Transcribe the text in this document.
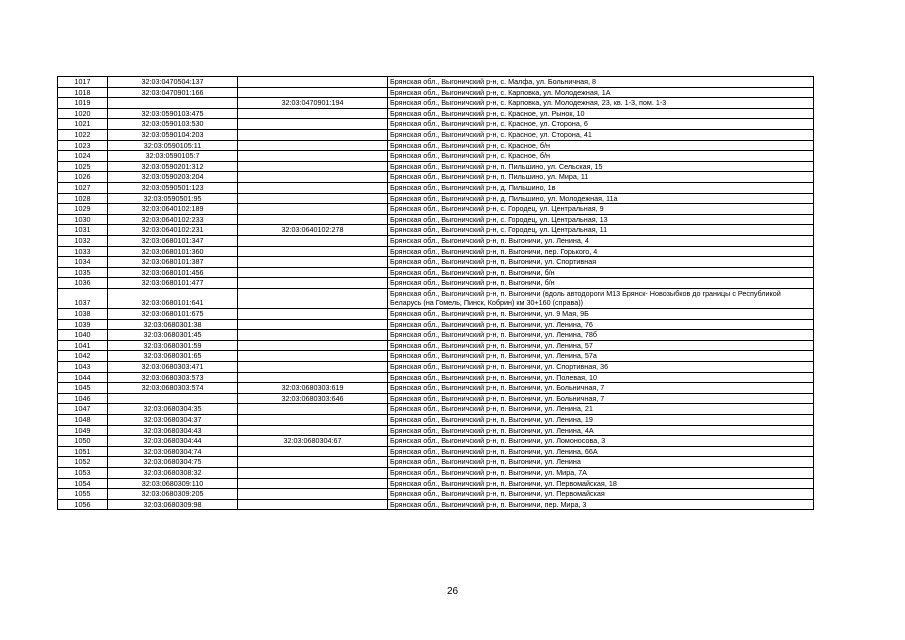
1017	32:03:0470504:137		Брянская обл., Выгоничский р-н, с. Малфа, ул. Больничная, 8
1018	32:03:0470901:166		Брянская обл., Выгоничский р-н, с. Карповка, ул. Молодежная, 1А
1019		32:03:0470901:194	Брянская обл., Выгоничский р-н, с. Карповка, ул. Молодежная, 23, кв. 1-3, пом. 1-3
1020	32:03:0590103:475		Брянская обл., Выгоничский р-н, с. Красное, ул. Рынок, 10
1021	32:03:0590103:530		Брянская обл., Выгоничский р-н, с. Красное, ул. Сторона, 6
1022	32:03:0590104:203		Брянская обл., Выгоничский р-н, с. Красное, ул. Сторона, 41
1023	32:03:0590105:11		Брянская обл., Выгоничский р-н, с. Красное, б/н
1024	32:03:0590105:7		Брянская обл., Выгоничский р-н, с. Красное, б/н
1025	32:03:0590201:312		Брянская обл., Выгоничский р-н, п. Пильшино, ул. Сельская, 15
1026	32:03:0590203:204		Брянская обл., Выгоничский р-н, п. Пильшино, ул. Мира, 11
1027	32:03:0590501:123		Брянская обл., Выгоничский р-н, д. Пильшино, 1в
1028	32:03:0590501:95		Брянская обл., Выгоничский р-н, д. Пильшино, ул. Молодежная, 11а
1029	32:03:0640102:189		Брянская обл., Выгоничский р-н, с. Городец, ул. Центральная, 9
1030	32:03:0640102:233		Брянская обл., Выгоничский р-н, с. Городец, ул. Центральная, 13
1031	32:03:0640102:231	32:03:0640102:278	Брянская обл., Выгоничский р-н, с. Городец, ул. Центральная, 11
1032	32:03:0680101:347		Брянская обл., Выгоничский р-н, п. Выгоничи, ул. Ленина, 4
1033	32:03:0680101:360		Брянская обл., Выгоничский р-н, п. Выгоничи, пер. Горького, 4
1034	32:03:0680101:387		Брянская обл., Выгоничский р-н, п. Выгоничи, ул. Спортивная
1035	32:03:0680101:456		Брянская обл., Выгоничский р-н, п. Выгоничи, б/н
1036	32:03:0680101:477		Брянская обл., Выгоничский р-н, п. Выгоничи, б/н
1037	32:03:0680101:641		Брянская обл., Выгоничский р-н, п. Выгоничи (вдоль автодороги М13 Брянск- Новозыбков до границы с Республикой Беларусь (на Гомель, Пинск, Кобрин) км 30+160 (справа))
1038	32:03:0680101:675		Брянская обл., Выгоничский р-н, п. Выгоничи, ул. 9 Мая, 9Б
1039	32:03:0680301:38		Брянская обл., Выгоничский р-н, п. Выгоничи, ул. Ленина, 76
1040	32:03:0680301:45		Брянская обл., Выгоничский р-н, п. Выгоничи, ул. Ленина, 78б
1041	32:03:0680301:59		Брянская обл., Выгоничский р-н, п. Выгоничи, ул. Ленина, 57
1042	32:03:0680301:65		Брянская обл., Выгоничский р-н, п. Выгоничи, ул. Ленина, 57а
1043	32:03:0680303:471		Брянская обл., Выгоничский р-н, п. Выгоничи, ул. Спортивная, 36
1044	32:03:0680303:573		Брянская обл., Выгоничский р-н, п. Выгоничи, ул. Полевая, 10
1045	32:03:0680303:574	32:03:0680303:619	Брянская обл., Выгоничский р-н, п. Выгоничи, ул. Больничная, 7
1046		32:03:0680303:646	Брянская обл., Выгоничский р-н, п. Выгоничи, ул. Больничная, 7
1047	32:03:0680304:35		Брянская обл., Выгоничский р-н, п. Выгоничи, ул. Ленина, 21
1048	32:03:0680304:37		Брянская обл., Выгоничский р-н, п. Выгоничи, ул. Ленина, 19
1049	32:03:0680304:43		Брянская обл., Выгоничский р-н, п. Выгоничи, ул. Ленина, 4А
1050	32:03:0680304:44	32:03:0680304:67	Брянская обл., Выгоничский р-н, п. Выгоничи, ул. Ломоносова, 3
1051	32:03:0680304:74		Брянская обл., Выгоничский р-н, п. Выгоничи, ул. Ленина, 66А
1052	32:03:0680304:75		Брянская обл., Выгоничский р-н, п. Выгоничи, ул. Ленина
1053	32:03:0680308:32		Брянская обл., Выгоничский р-н, п. Выгоничи, ул. Мира, 7А
1054	32:03:0680309:110		Брянская обл., Выгоничский р-н, п. Выгоничи, ул. Первомайская, 18
1055	32:03:0680309:205		Брянская обл., Выгоничский р-н, п. Выгоничи, ул. Первомайская
1056	32:03:0680309:98		Брянская обл., Выгоничский р-н, п. Выгоничи, пер. Мира, 3
26
